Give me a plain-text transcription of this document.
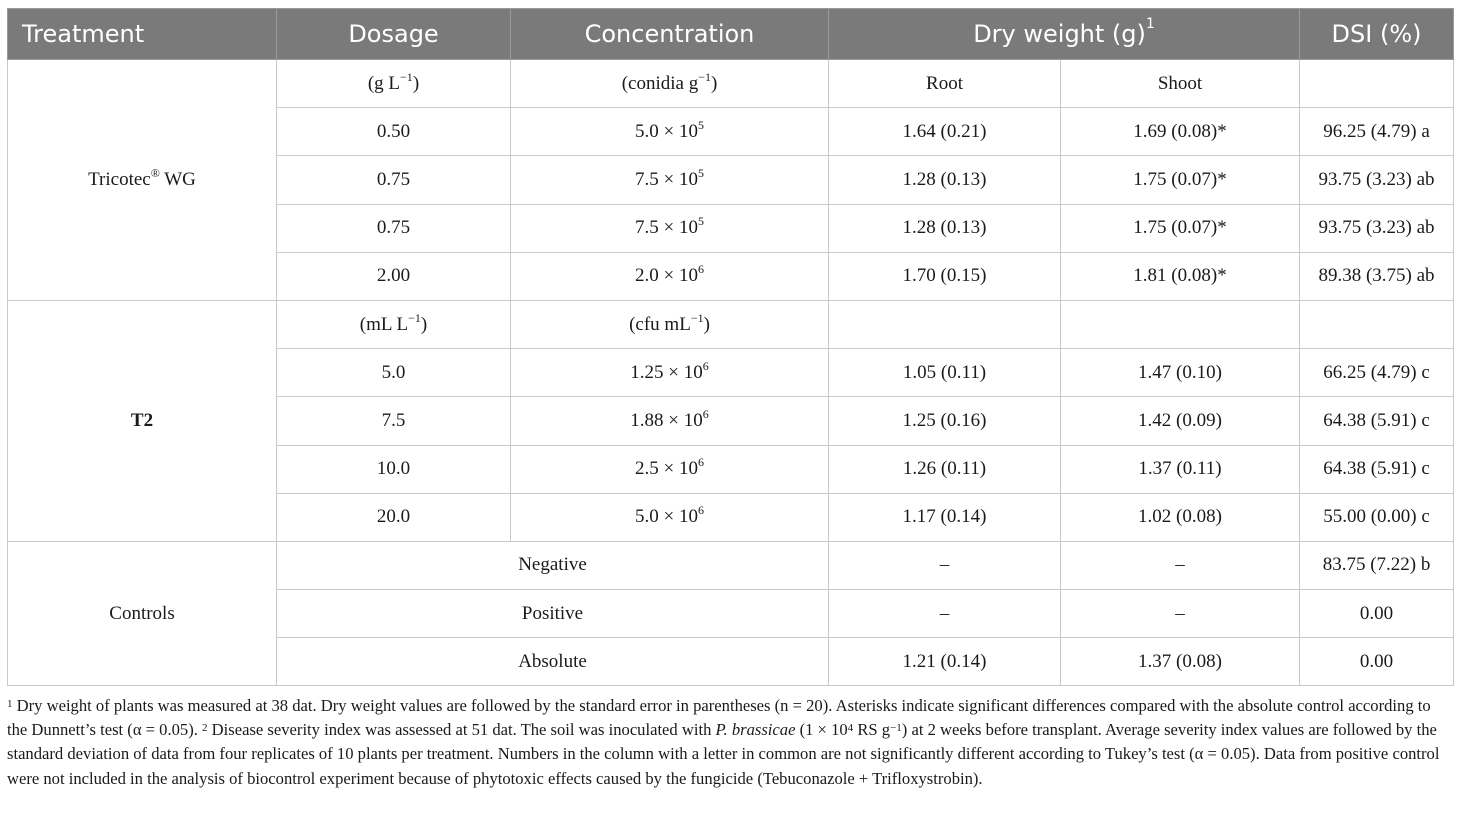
Treatment	Dosage	Concentration	Dry weight $(g)^1$		DSI (%)
Tricotec® WG	(g $L^{-1}$)	(conidia $g^{-1}$)	Root	Shoot	
	0.50	$5.0 \times 10^5$	1.64 (0.21)	1.69 (0.08)*	96.25 (4.79) a
	0.75	$7.5 \times 10^5$	1.28 (0.13)	1.75 (0.07)*	93.75 (3.23) ab
	0.75	$7.5 \times 10^5$	1.28 (0.13)	1.75 (0.07)*	93.75 (3.23) ab
	2.00	$2.0 \times 10^6$	1.70 (0.15)	1.81 (0.08)*	89.38 (3.75) ab
T2	(mL $L^{-1}$)	(cfu $mL^{-1}$)			
	5.0	$1.25 \times 10^6$	1.05 (0.11)	1.47 (0.10)	66.25 (4.79) c
	7.5	$1.88 \times 10^6$	1.25 (0.16)	1.42 (0.09)	64.38 (5.91) c
	10.0	$2.5 \times 10^6$	1.26 (0.11)	1.37 (0.11)	64.38 (5.91) c
	20.0	$5.0 \times 10^6$	1.17 (0.14)	1.02 (0.08)	55.00 (0.00) c
Controls	Negative		–	–	83.75 (7.22) b
	Positive		–	–	0.00
	Absolute		1.21 (0.14)	1.37 (0.08)	0.00

$^1$ Dry weight of plants was measured at 38 dat. Dry weight values are followed by the standard error in parentheses (n = 20). Asterisks indicate significant differences compared with the absolute control according to the Dunnett’s test (α = 0.05). $^2$ Disease severity index was assessed at 51 dat. The soil was inoculated with P. brassicae ($1 \times 10^4$ RS $g^{-1}$) at 2 weeks before transplant. Average severity index values are followed by the standard deviation of data from four replicates of 10 plants per treatment. Numbers in the column with a letter in common are not significantly different according to Tukey’s test (α = 0.05). Data from positive control were not included in the analysis of biocontrol experiment because of phytotoxic effects caused by the fungicide (Tebuconazole + Trifloxystrobin).
